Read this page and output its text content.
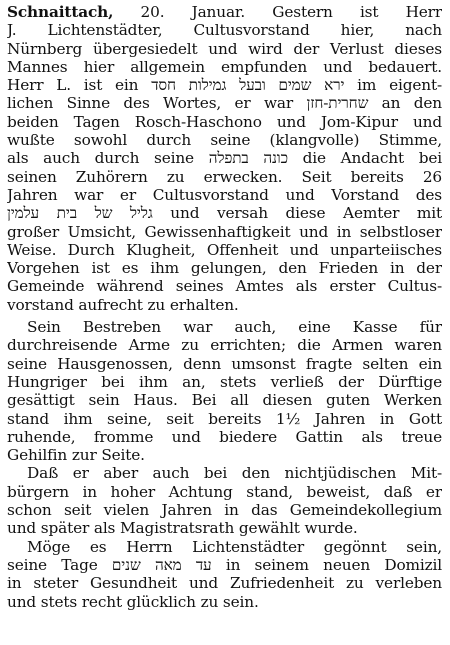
Schnaittach, 20. Januar. Gestern ist Herr
J. Lichtenstädter, Cultusvorstand hier, nach
Nürnberg übergesiedelt und wird der Verlust dieses
Mannes hier allgemein empfunden und bedauert.
Herr L. ist ein ירא שמים ובעל גמילות חסד im eigent-
lichen Sinne des Wortes, er war שחרית-חזן an den
beiden Tagen Rosch-Haschono und Jom-Kipur und
wußte sowohl durch seine (klangvolle) Stimme,
als auch durch seine כונה בתפלה die Andacht bei
seinen Zuhörern zu erwecken. Seit bereits 26
Jahren war er Cultusvorstand und Vorstand des
גליל של בית עלמין und versah diese Aemter mit
großer Umsicht, Gewissenhaftigkeit und in selbstloser
Weise. Durch Klugheit, Offenheit und unparteiisches
Vorgehen ist es ihm gelungen, den Frieden in der
Gemeinde während seines Amtes als erster Cultus-
vorstand aufrecht zu erhalten.
Sein Bestreben war auch, eine Kasse für
durchreisende Arme zu errichten; die Armen waren
seine Hausgenossen, denn umsonst fragte selten ein
Hungriger bei ihm an, stets verließ der Dürftige
gesättigt sein Haus. Bei all diesen guten Werken
stand ihm seine, seit bereits 1½ Jahren in Gott
ruhende, fromme und biedere Gattin als treue
Gehilfin zur Seite.
Daß er aber auch bei den nichtjüdischen Mit-
bürgern in hoher Achtung stand, beweist, daß er
schon seit vielen Jahren in das Gemeindekollegium
und später als Magistratsrath gewählt wurde.
Möge es Herrn Lichtenstädter gegönnt sein,
seine Tage עד מאה שנים in seinem neuen Domizil
in steter Gesundheit und Zufriedenheit zu verleben
und stets recht glücklich zu sein.
